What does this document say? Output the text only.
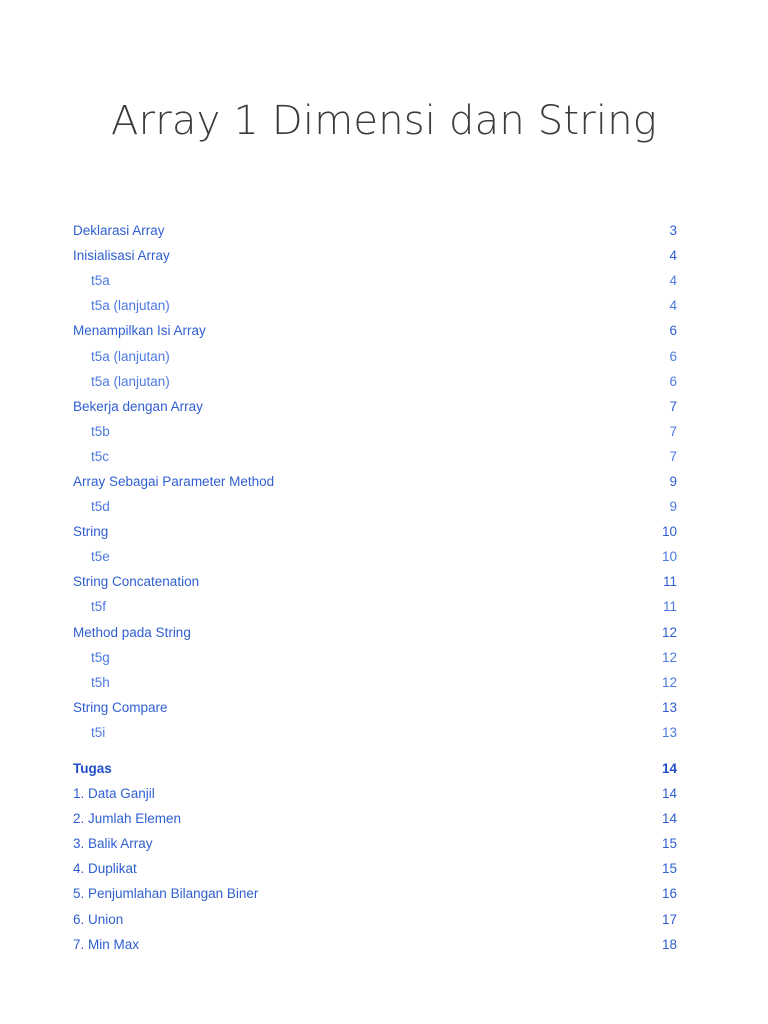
Array 1 Dimensi dan String
Deklarasi Array	3
Inisialisasi Array	4
t5a	4
t5a (lanjutan)	4
Menampilkan Isi Array	6
t5a (lanjutan)	6
t5a (lanjutan)	6
Bekerja dengan Array	7
t5b	7
t5c	7
Array Sebagai Parameter Method	9
t5d	9
String	10
t5e	10
String Concatenation	11
t5f	11
Method pada String	12
t5g	12
t5h	12
String Compare	13
t5i	13
Tugas	14
1. Data Ganjil	14
2. Jumlah Elemen	14
3. Balik Array	15
4. Duplikat	15
5. Penjumlahan Bilangan Biner	16
6. Union	17
7. Min Max	18
